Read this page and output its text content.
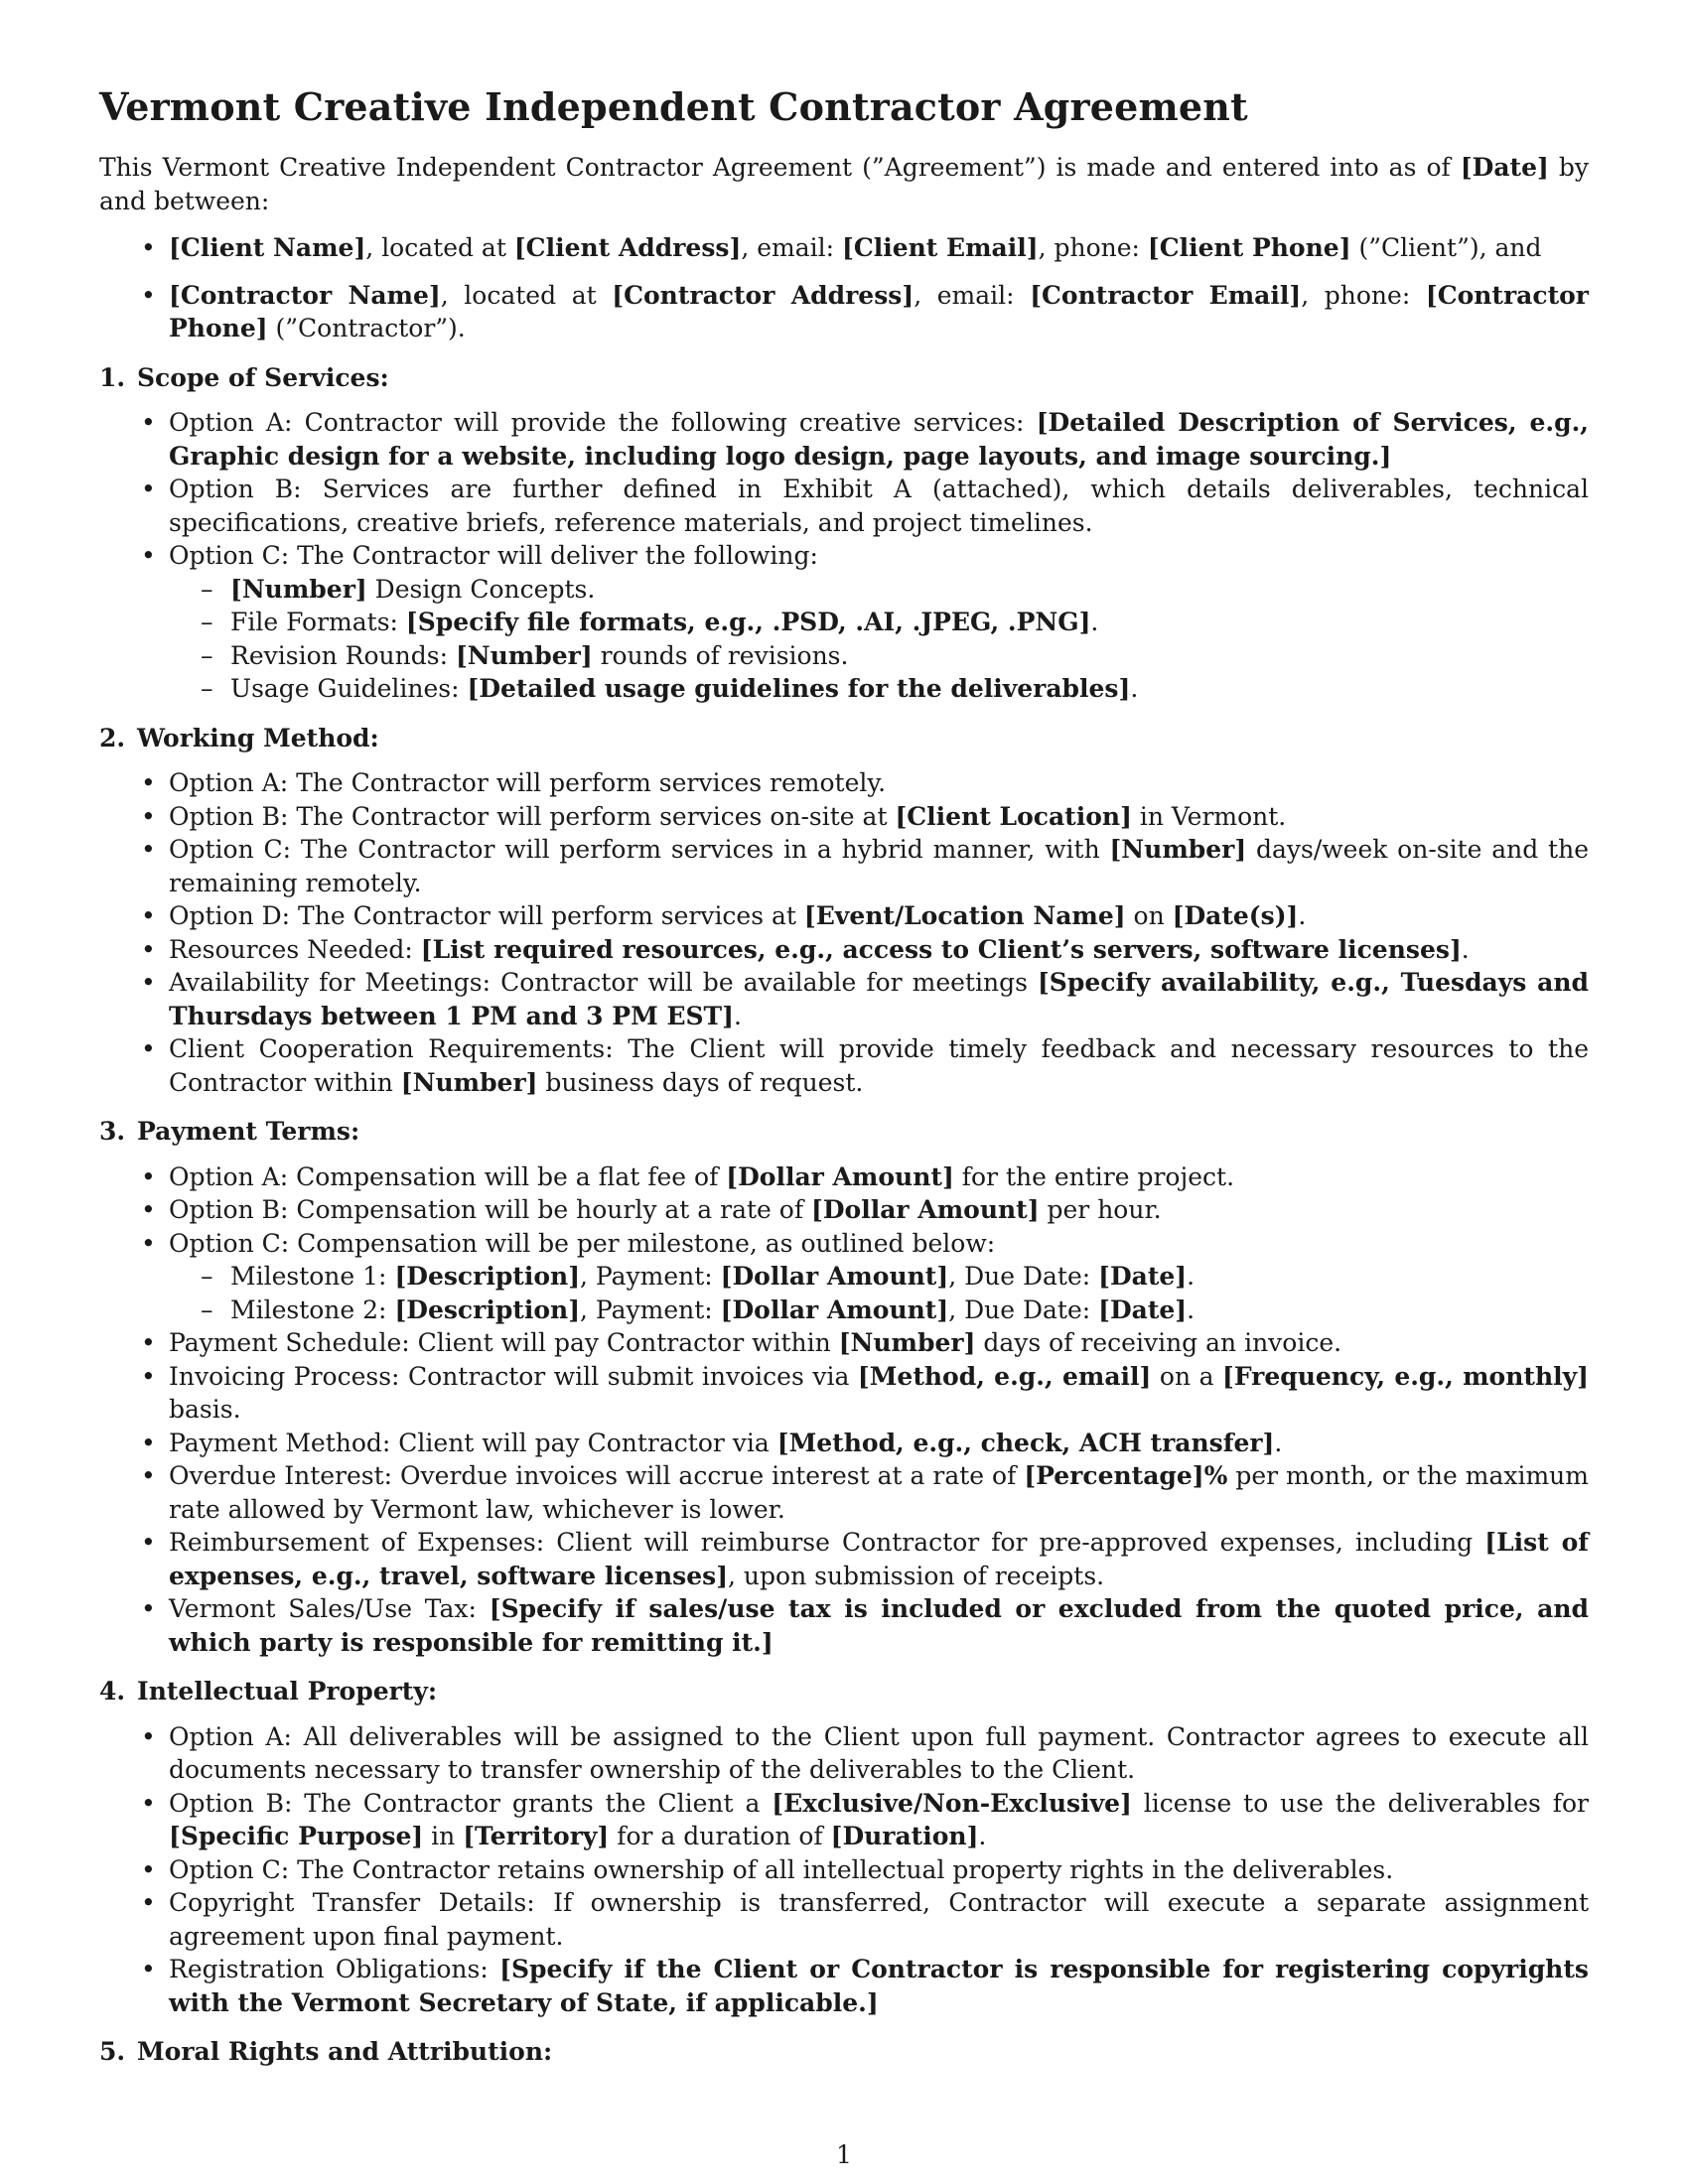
Vermont Creative Independent Contractor Agreement

This Vermont Creative Independent Contractor Agreement (”Agreement”) is made and entered into as of [Date] by and between:

• [Client Name], located at [Client Address], email: [Client Email], phone: [Client Phone] (”Client”), and
• [Contractor Name], located at [Contractor Address], email: [Contractor Email], phone: [Contractor Phone] (”Contractor”).
1. Scope of Services:
• Option A: Contractor will provide the following creative services: [Detailed Description of Services, e.g., Graphic design for a website, including logo design, page layouts, and image sourcing.]
• Option B: Services are further defined in Exhibit A (attached), which details deliverables, technical specifications, creative briefs, reference materials, and project timelines.
• Option C: The Contractor will deliver the following:
– [Number] Design Concepts.
– File Formats: [Specify file formats, e.g., .PSD, .AI, .JPEG, .PNG].
– Revision Rounds: [Number] rounds of revisions.
– Usage Guidelines: [Detailed usage guidelines for the deliverables].
2. Working Method:
• Option A: The Contractor will perform services remotely.
• Option B: The Contractor will perform services on-site at [Client Location] in Vermont.
• Option C: The Contractor will perform services in a hybrid manner, with [Number] days/week on-site and the remaining remotely.
• Option D: The Contractor will perform services at [Event/Location Name] on [Date(s)].
• Resources Needed: [List required resources, e.g., access to Client’s servers, software licenses].
• Availability for Meetings: Contractor will be available for meetings [Specify availability, e.g., Tuesdays and Thursdays between 1 PM and 3 PM EST].
• Client Cooperation Requirements: The Client will provide timely feedback and necessary resources to the Contractor within [Number] business days of request.
3. Payment Terms:
• Option A: Compensation will be a flat fee of [Dollar Amount] for the entire project.
• Option B: Compensation will be hourly at a rate of [Dollar Amount] per hour.
• Option C: Compensation will be per milestone, as outlined below:
– Milestone 1: [Description], Payment: [Dollar Amount], Due Date: [Date].
– Milestone 2: [Description], Payment: [Dollar Amount], Due Date: [Date].
• Payment Schedule: Client will pay Contractor within [Number] days of receiving an invoice.
• Invoicing Process: Contractor will submit invoices via [Method, e.g., email] on a [Frequency, e.g., monthly] basis.
• Payment Method: Client will pay Contractor via [Method, e.g., check, ACH transfer].
• Overdue Interest: Overdue invoices will accrue interest at a rate of [Percentage]% per month, or the maximum rate allowed by Vermont law, whichever is lower.
• Reimbursement of Expenses: Client will reimburse Contractor for pre-approved expenses, including [List of expenses, e.g., travel, software licenses], upon submission of receipts.
• Vermont Sales/Use Tax: [Specify if sales/use tax is included or excluded from the quoted price, and which party is responsible for remitting it.]
4. Intellectual Property:
• Option A: All deliverables will be assigned to the Client upon full payment. Contractor agrees to execute all documents necessary to transfer ownership of the deliverables to the Client.
• Option B: The Contractor grants the Client a [Exclusive/Non-Exclusive] license to use the deliverables for [Specific Purpose] in [Territory] for a duration of [Duration].
• Option C: The Contractor retains ownership of all intellectual property rights in the deliverables.
• Copyright Transfer Details: If ownership is transferred, Contractor will execute a separate assignment agreement upon final payment.
• Registration Obligations: [Specify if the Client or Contractor is responsible for registering copyrights with the Vermont Secretary of State, if applicable.]
5. Moral Rights and Attribution:
1
